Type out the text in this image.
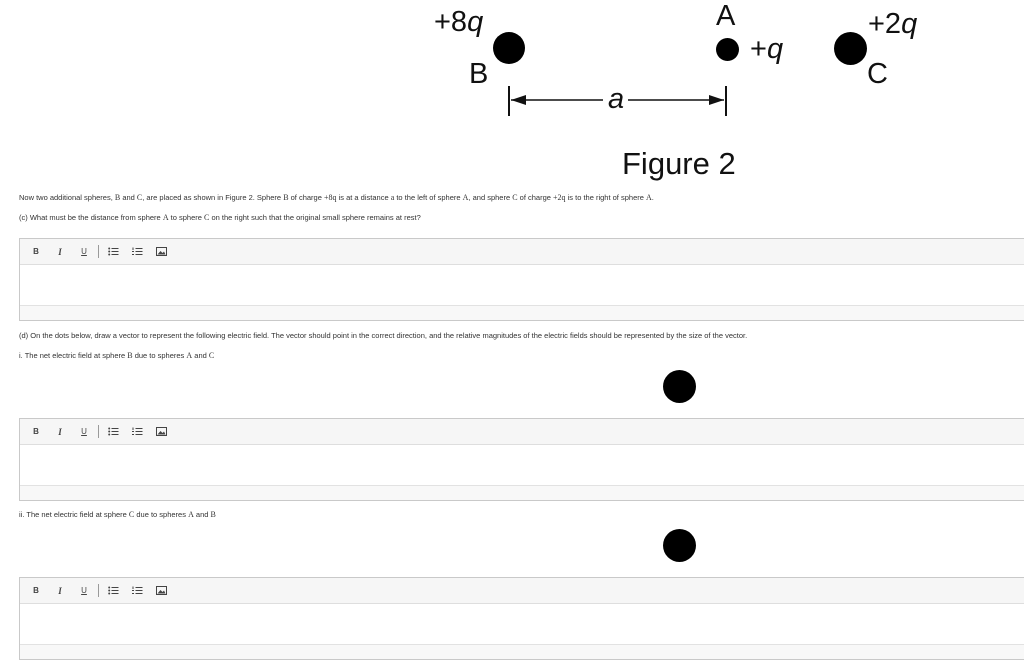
+8q
B
A
+q
+2q
C
a
Figure 2
Now two additional spheres, B and C, are placed as shown in Figure 2. Sphere B of charge +8q is at a distance a to the left of sphere A, and sphere C of charge +2q is to the right of sphere A.
(c) What must be the distance from sphere A to sphere C on the right such that the original small sphere remains at rest?
B	I	U
(d) On the dots below, draw a vector to represent the following electric field. The vector should point in the correct direction, and the relative magnitudes of the electric fields should be represented by the size of the vector.
i. The net electric field at sphere B due to spheres A and C
B	I	U
ii. The net electric field at sphere C due to spheres A and B
B	I	U
